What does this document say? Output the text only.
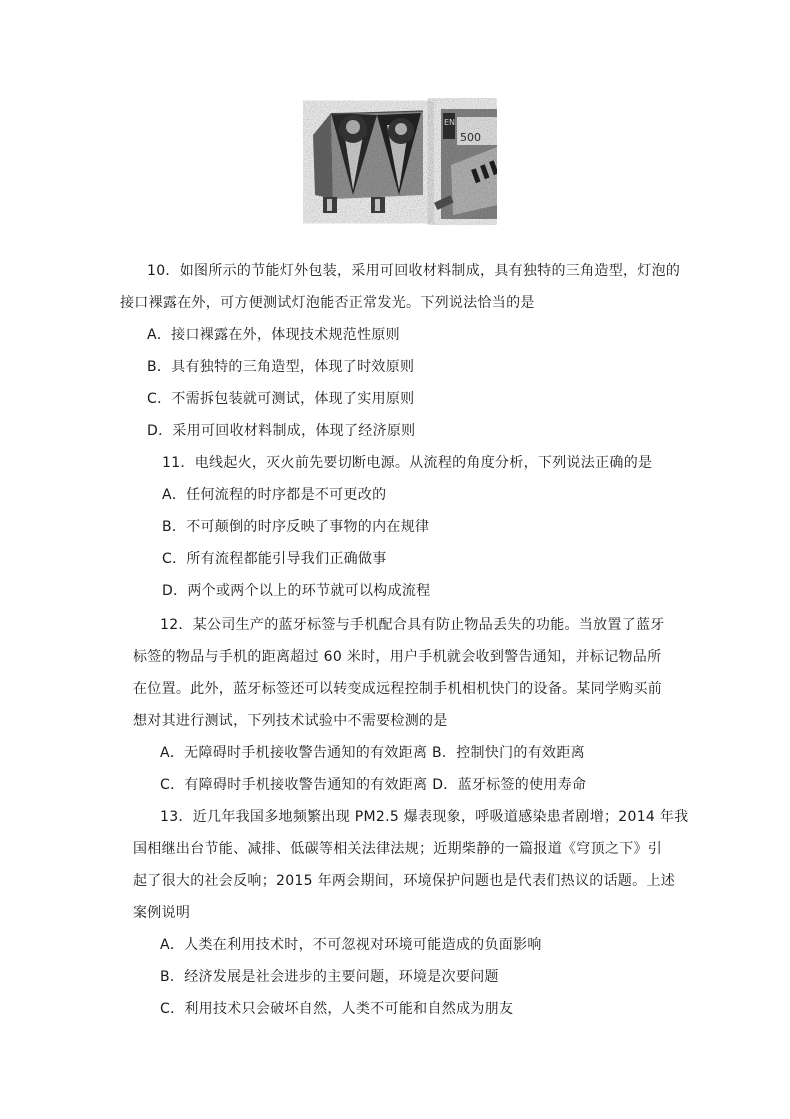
EN
500
10．如图所示的节能灯外包装，采用可回收材料制成，具有独特的三角造型，灯泡的
接口裸露在外，可方便测试灯泡能否正常发光。下列说法恰当的是
A．接口裸露在外，体现技术规范性原则
B．具有独特的三角造型，体现了时效原则
C．不需拆包装就可测试，体现了实用原则
D．采用可回收材料制成，体现了经济原则
11．电线起火，灭火前先要切断电源。从流程的角度分析，下列说法正确的是
A．任何流程的时序都是不可更改的
B．不可颠倒的时序反映了事物的内在规律
C．所有流程都能引导我们正确做事
D．两个或两个以上的环节就可以构成流程
12．某公司生产的蓝牙标签与手机配合具有防止物品丢失的功能。当放置了蓝牙
标签的物品与手机的距离超过 60 米时，用户手机就会收到警告通知，并标记物品所
在位置。此外，蓝牙标签还可以转变成远程控制手机相机快门的设备。某同学购买前
想对其进行测试，下列技术试验中不需要检测的是
A．无障碍时手机接收警告通知的有效距离 B．控制快门的有效距离
C．有障碍时手机接收警告通知的有效距离 D．蓝牙标签的使用寿命
13．近几年我国多地频繁出现 PM2.5 爆表现象，呼吸道感染患者剧增；2014 年我
国相继出台节能、减排、低碳等相关法律法规；近期柴静的一篇报道《穹顶之下》引
起了很大的社会反响；2015 年两会期间，环境保护问题也是代表们热议的话题。上述
案例说明
A．人类在利用技术时，不可忽视对环境可能造成的负面影响
B．经济发展是社会进步的主要问题，环境是次要问题
C．利用技术只会破坏自然，人类不可能和自然成为朋友
